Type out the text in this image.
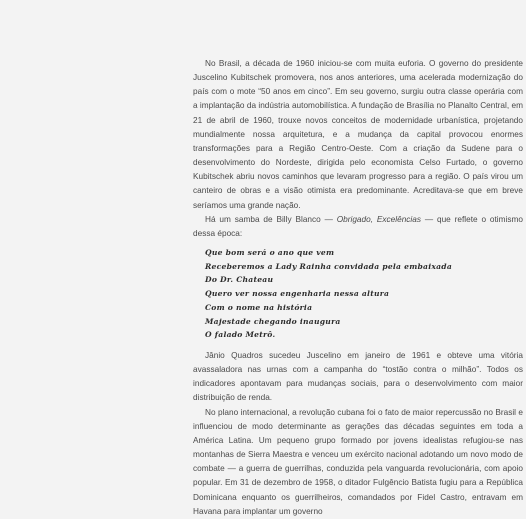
No Brasil, a década de 1960 iniciou-se com muita euforia. O governo do presidente Juscelino Kubitschek promovera, nos anos anteriores, uma acelerada modernização do país com o mote “50 anos em cinco”. Em seu governo, surgiu outra classe operária com a implantação da indústria automobilística. A fundação de Brasília no Planalto Central, em 21 de abril de 1960, trouxe novos conceitos de modernidade urbanística, projetando mundialmente nossa arquitetura, e a mudança da capital provocou enormes transformações para a Região Centro-Oeste. Com a criação da Sudene para o desenvolvimento do Nordeste, dirigida pelo economista Celso Furtado, o governo Kubitschek abriu novos caminhos que levaram progresso para a região. O país virou um canteiro de obras e a visão otimista era predominante. Acreditava-se que em breve seríamos uma grande nação.

Há um samba de Billy Blanco — Obrigado, Excelências — que reflete o otimismo dessa época:

Que bom será o ano que vem
Receberemos a Lady Rainha convidada pela embaixada
Do Dr. Chateau
Quero ver nossa engenharia nessa altura
Com o nome na história
Majestade chegando inaugura
O falado Metrô.

Jânio Quadros sucedeu Juscelino em janeiro de 1961 e obteve uma vitória avassaladora nas urnas com a campanha do “tostão contra o milhão”. Todos os indicadores apontavam para mudanças sociais, para o desenvolvimento com maior distribuição de renda.

No plano internacional, a revolução cubana foi o fato de maior repercussão no Brasil e influenciou de modo determinante as gerações das décadas seguintes em toda a América Latina. Um pequeno grupo formado por jovens idealistas refugiou-se nas montanhas de Sierra Maestra e venceu um exército nacional adotando um novo modo de combate — a guerra de guerrilhas, conduzida pela vanguarda revolucionária, com apoio popular. Em 31 de dezembro de 1958, o ditador Fulgêncio Batista fugiu para a República Dominicana enquanto os guerrilheiros, comandados por Fidel Castro, entravam em Havana para implantar um governo
